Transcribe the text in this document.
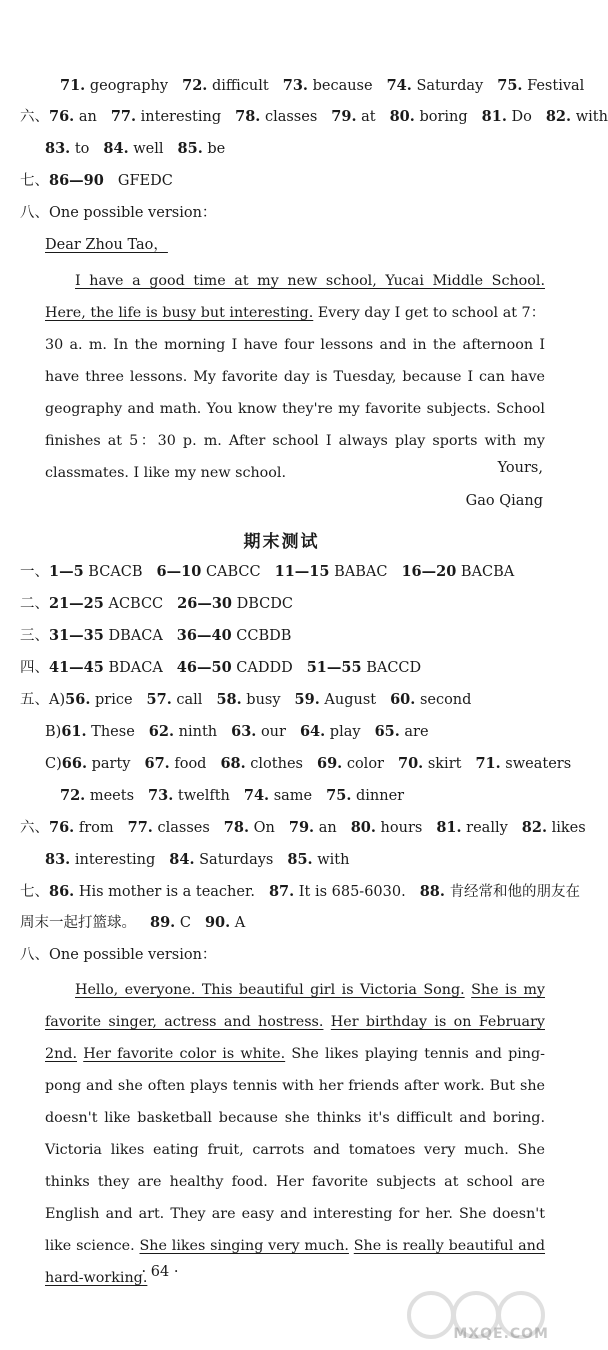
71. geography 72. difficult 73. because 74. Saturday 75. Festival
六、76. an 77. interesting 78. classes 79. at 80. boring 81. Do 82. with
83. to 84. well 85. be
七、86—90 GFEDC
八、One possible version：
Dear Zhou Tao，
I have a good time at my new school, Yucai Middle School. Here, the life is busy but interesting. Every day I get to school at 7：30 a. m. In the morning I have four lessons and in the afternoon I have three lessons. My favorite day is Tuesday, because I can have geography and math. You know they're my favorite subjects. School finishes at 5：30 p. m. After school I always play sports with my classmates. I like my new school.	Yours,
Gao Qiang
期末测试
一、1—5 BCACB 6—10 CABCC 11—15 BABAC 16—20 BACBA
二、21—25 ACBCC 26—30 DBCDC
三、31—35 DBACA 36—40 CCBDB
四、41—45 BDACA 46—50 CADDD 51—55 BACCD
五、A)56. price 57. call 58. busy 59. August 60. second
B)61. These 62. ninth 63. our 64. play 65. are
C)66. party 67. food 68. clothes 69. color 70. skirt 71. sweaters
72. meets 73. twelfth 74. same 75. dinner
六、76. from 77. classes 78. On 79. an 80. hours 81. really 82. likes
83. interesting 84. Saturdays 85. with
七、86. His mother is a teacher. 87. It is 685-6030. 88. 肯经常和他的朋友在
周末一起打篮球。 89. C 90. A
八、One possible version：
Hello, everyone. This beautiful girl is Victoria Song. She is my favorite singer, actress and hostress. Her birthday is on February 2nd. Her favorite color is white. She likes playing tennis and ping-pong and she often plays tennis with her friends after work. But she doesn't like basketball because she thinks it's difficult and boring. Victoria likes eating fruit, carrots and tomatoes very much. She thinks they are healthy food. Her favorite subjects at school are English and art. They are easy and interesting for her. She doesn't like science. She likes singing very much. She is really beautiful and hard-working.
· 64 ·
MXQE.COM
